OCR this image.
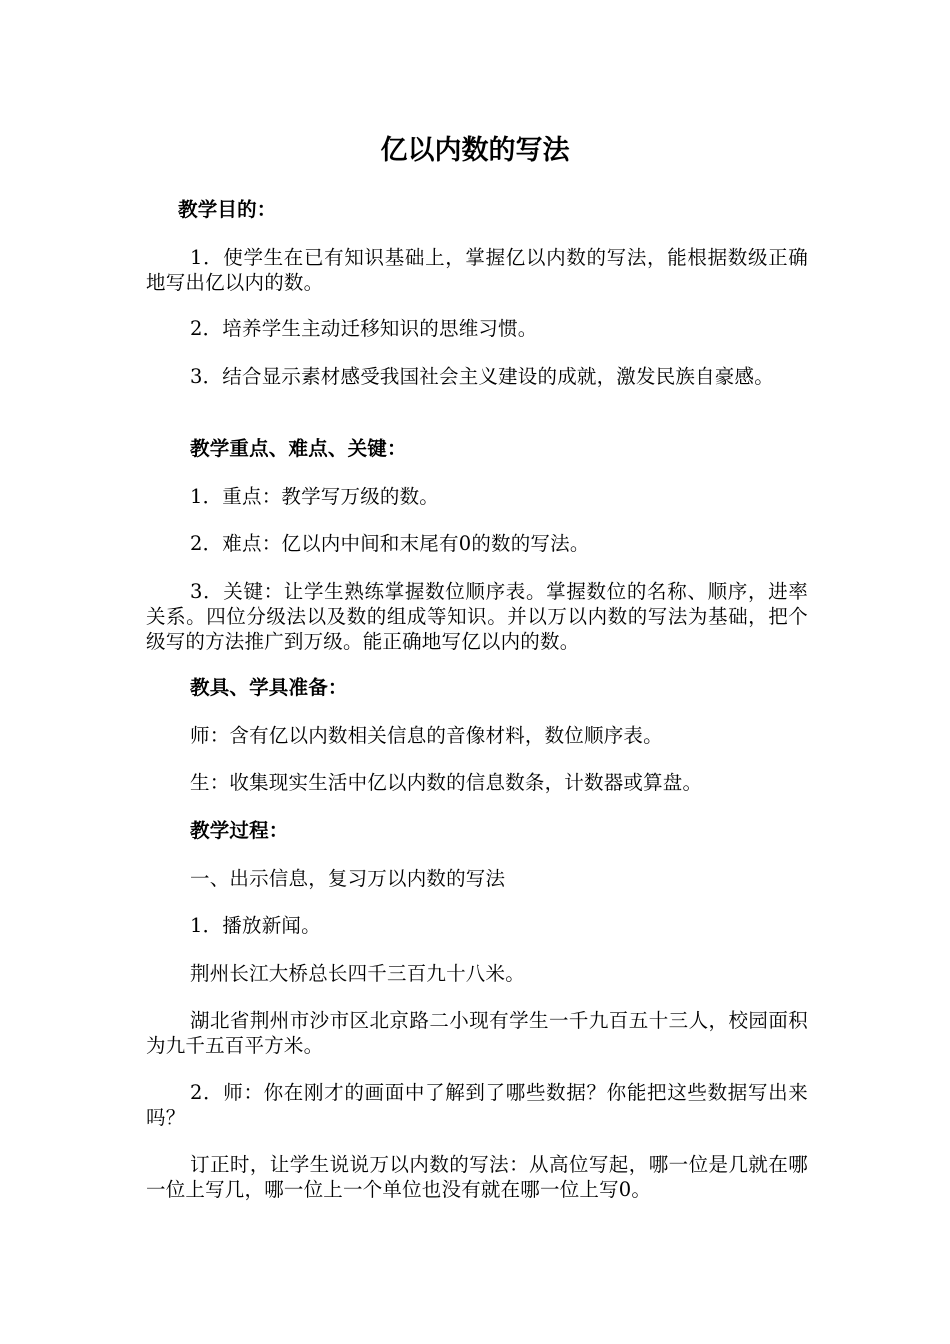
亿以内数的写法

教学目的：

1．使学生在已有知识基础上，掌握亿以内数的写法，能根据数级正确地写出亿以内的数。

2．培养学生主动迁移知识的思维习惯。

3．结合显示素材感受我国社会主义建设的成就，激发民族自豪感。

教学重点、难点、关键：

1．重点：教学写万级的数。

2．难点：亿以内中间和末尾有0的数的写法。

3．关键：让学生熟练掌握数位顺序表。掌握数位的名称、顺序，进率关系。四位分级法以及数的组成等知识。并以万以内数的写法为基础，把个级写的方法推广到万级。能正确地写亿以内的数。

教具、学具准备：

师：含有亿以内数相关信息的音像材料，数位顺序表。

生：收集现实生活中亿以内数的信息数条，计数器或算盘。

教学过程：

一、出示信息，复习万以内数的写法

1．播放新闻。

荆州长江大桥总长四千三百九十八米。

湖北省荆州市沙市区北京路二小现有学生一千九百五十三人，校园面积为九千五百平方米。

2．师：你在刚才的画面中了解到了哪些数据？你能把这些数据写出来吗？

订正时，让学生说说万以内数的写法：从高位写起，哪一位是几就在哪一位上写几，哪一位上一个单位也没有就在哪一位上写0。
